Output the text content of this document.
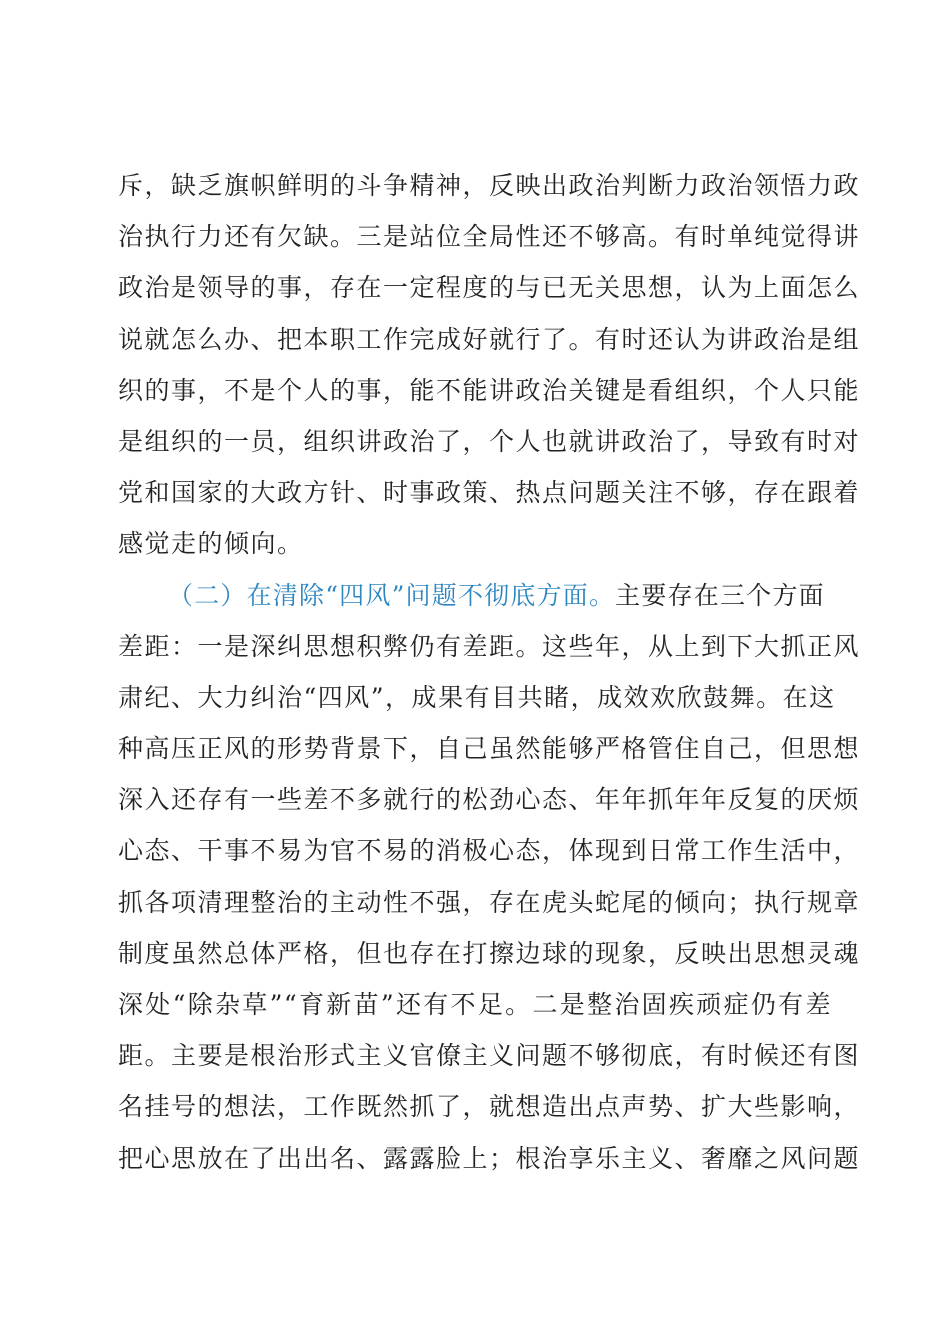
斥，缺乏旗帜鲜明的斗争精神，反映出政治判断力政治领悟力政
治执行力还有欠缺。三是站位全局性还不够高。有时单纯觉得讲
政治是领导的事，存在一定程度的与已无关思想，认为上面怎么
说就怎么办、把本职工作完成好就行了。有时还认为讲政治是组
织的事，不是个人的事，能不能讲政治关键是看组织，个人只能
是组织的一员，组织讲政治了，个人也就讲政治了，导致有时对
党和国家的大政方针、时事政策、热点问题关注不够，存在跟着
感觉走的倾向。
（二）在清除“四风”问题不彻底方面。主要存在三个方面
差距：一是深纠思想积弊仍有差距。这些年，从上到下大抓正风
肃纪、大力纠治“四风”，成果有目共睹，成效欢欣鼓舞。在这
种高压正风的形势背景下，自己虽然能够严格管住自己，但思想
深入还存有一些差不多就行的松劲心态、年年抓年年反复的厌烦
心态、干事不易为官不易的消极心态，体现到日常工作生活中，
抓各项清理整治的主动性不强，存在虎头蛇尾的倾向；执行规章
制度虽然总体严格，但也存在打擦边球的现象，反映出思想灵魂
深处“除杂草”“育新苗”还有不足。二是整治固疾顽症仍有差
距。主要是根治形式主义官僚主义问题不够彻底，有时候还有图
名挂号的想法，工作既然抓了，就想造出点声势、扩大些影响，
把心思放在了出出名、露露脸上；根治享乐主义、奢靡之风问题
